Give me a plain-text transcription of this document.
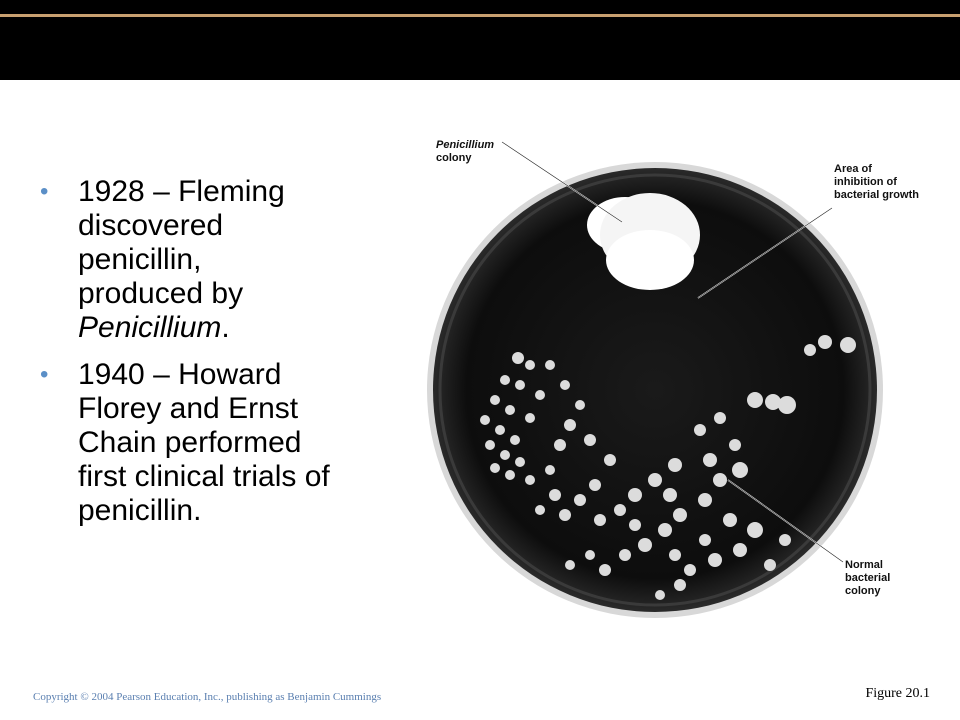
• 1928 – Fleming discovered penicillin, produced by Penicillium.
• 1940 – Howard Florey and Ernst Chain performed first clinical trials of penicillin.
Penicillium
colony
Area of
inhibition of
bacterial growth
Normal
bacterial
colony
Copyright © 2004 Pearson Education, Inc., publishing as Benjamin Cummings	Figure 20.1
